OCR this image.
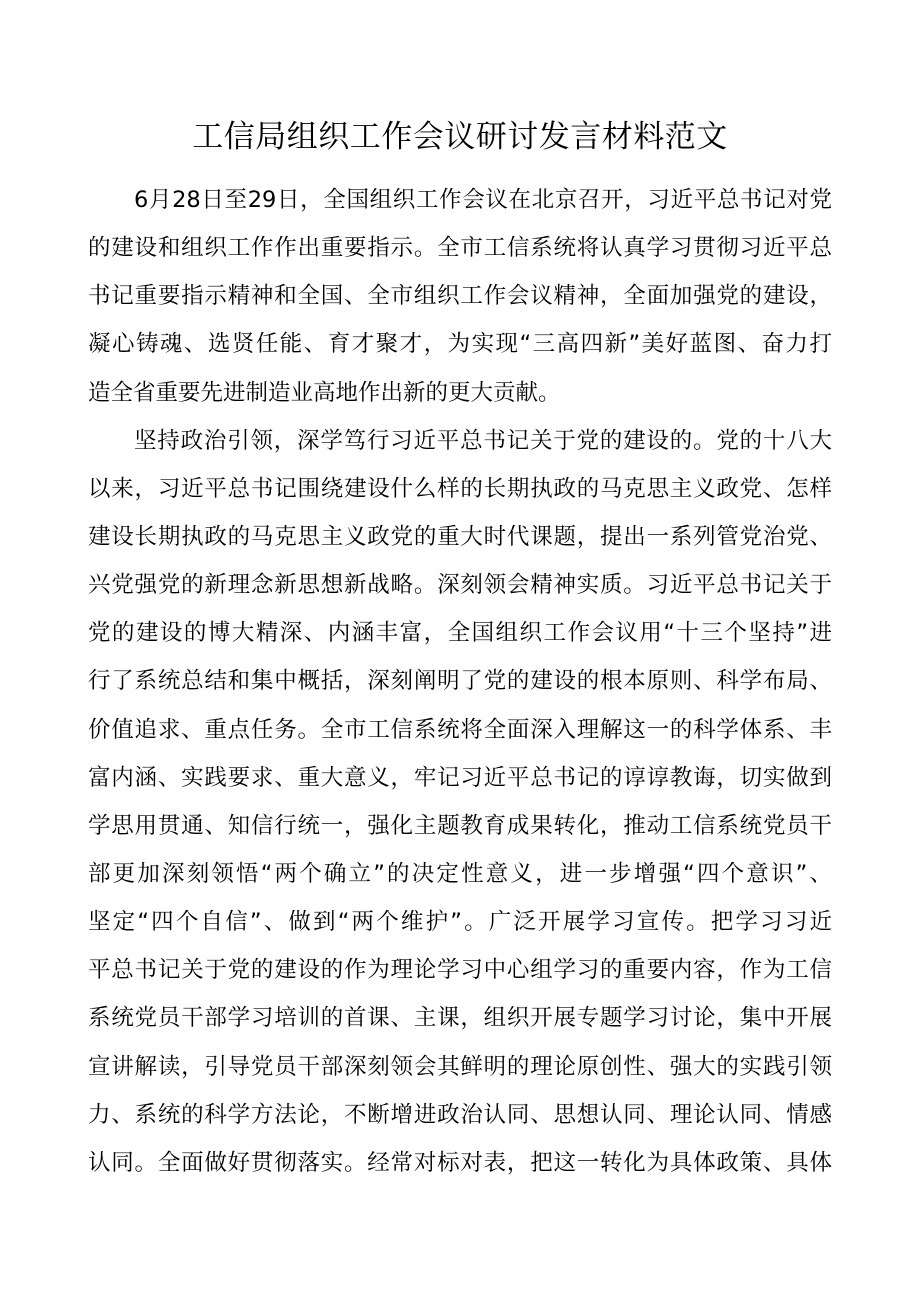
工信局组织工作会议研讨发言材料范文
6月28日至29日，全国组织工作会议在北京召开，习近平总书记对党
的建设和组织工作作出重要指示。全市工信系统将认真学习贯彻习近平总
书记重要指示精神和全国、全市组织工作会议精神，全面加强党的建设，
凝心铸魂、选贤任能、育才聚才，为实现“三高四新”美好蓝图、奋力打
造全省重要先进制造业高地作出新的更大贡献。
坚持政治引领，深学笃行习近平总书记关于党的建设的。党的十八大
以来，习近平总书记围绕建设什么样的长期执政的马克思主义政党、怎样
建设长期执政的马克思主义政党的重大时代课题，提出一系列管党治党、
兴党强党的新理念新思想新战略。深刻领会精神实质。习近平总书记关于
党的建设的博大精深、内涵丰富，全国组织工作会议用“十三个坚持”进
行了系统总结和集中概括，深刻阐明了党的建设的根本原则、科学布局、
价值追求、重点任务。全市工信系统将全面深入理解这一的科学体系、丰
富内涵、实践要求、重大意义，牢记习近平总书记的谆谆教诲，切实做到
学思用贯通、知信行统一，强化主题教育成果转化，推动工信系统党员干
部更加深刻领悟“两个确立”的决定性意义，进一步增强“四个意识”、
坚定“四个自信”、做到“两个维护”。广泛开展学习宣传。把学习习近
平总书记关于党的建设的作为理论学习中心组学习的重要内容，作为工信
系统党员干部学习培训的首课、主课，组织开展专题学习讨论，集中开展
宣讲解读，引导党员干部深刻领会其鲜明的理论原创性、强大的实践引领
力、系统的科学方法论，不断增进政治认同、思想认同、理论认同、情感
认同。全面做好贯彻落实。经常对标对表，把这一转化为具体政策、具体
